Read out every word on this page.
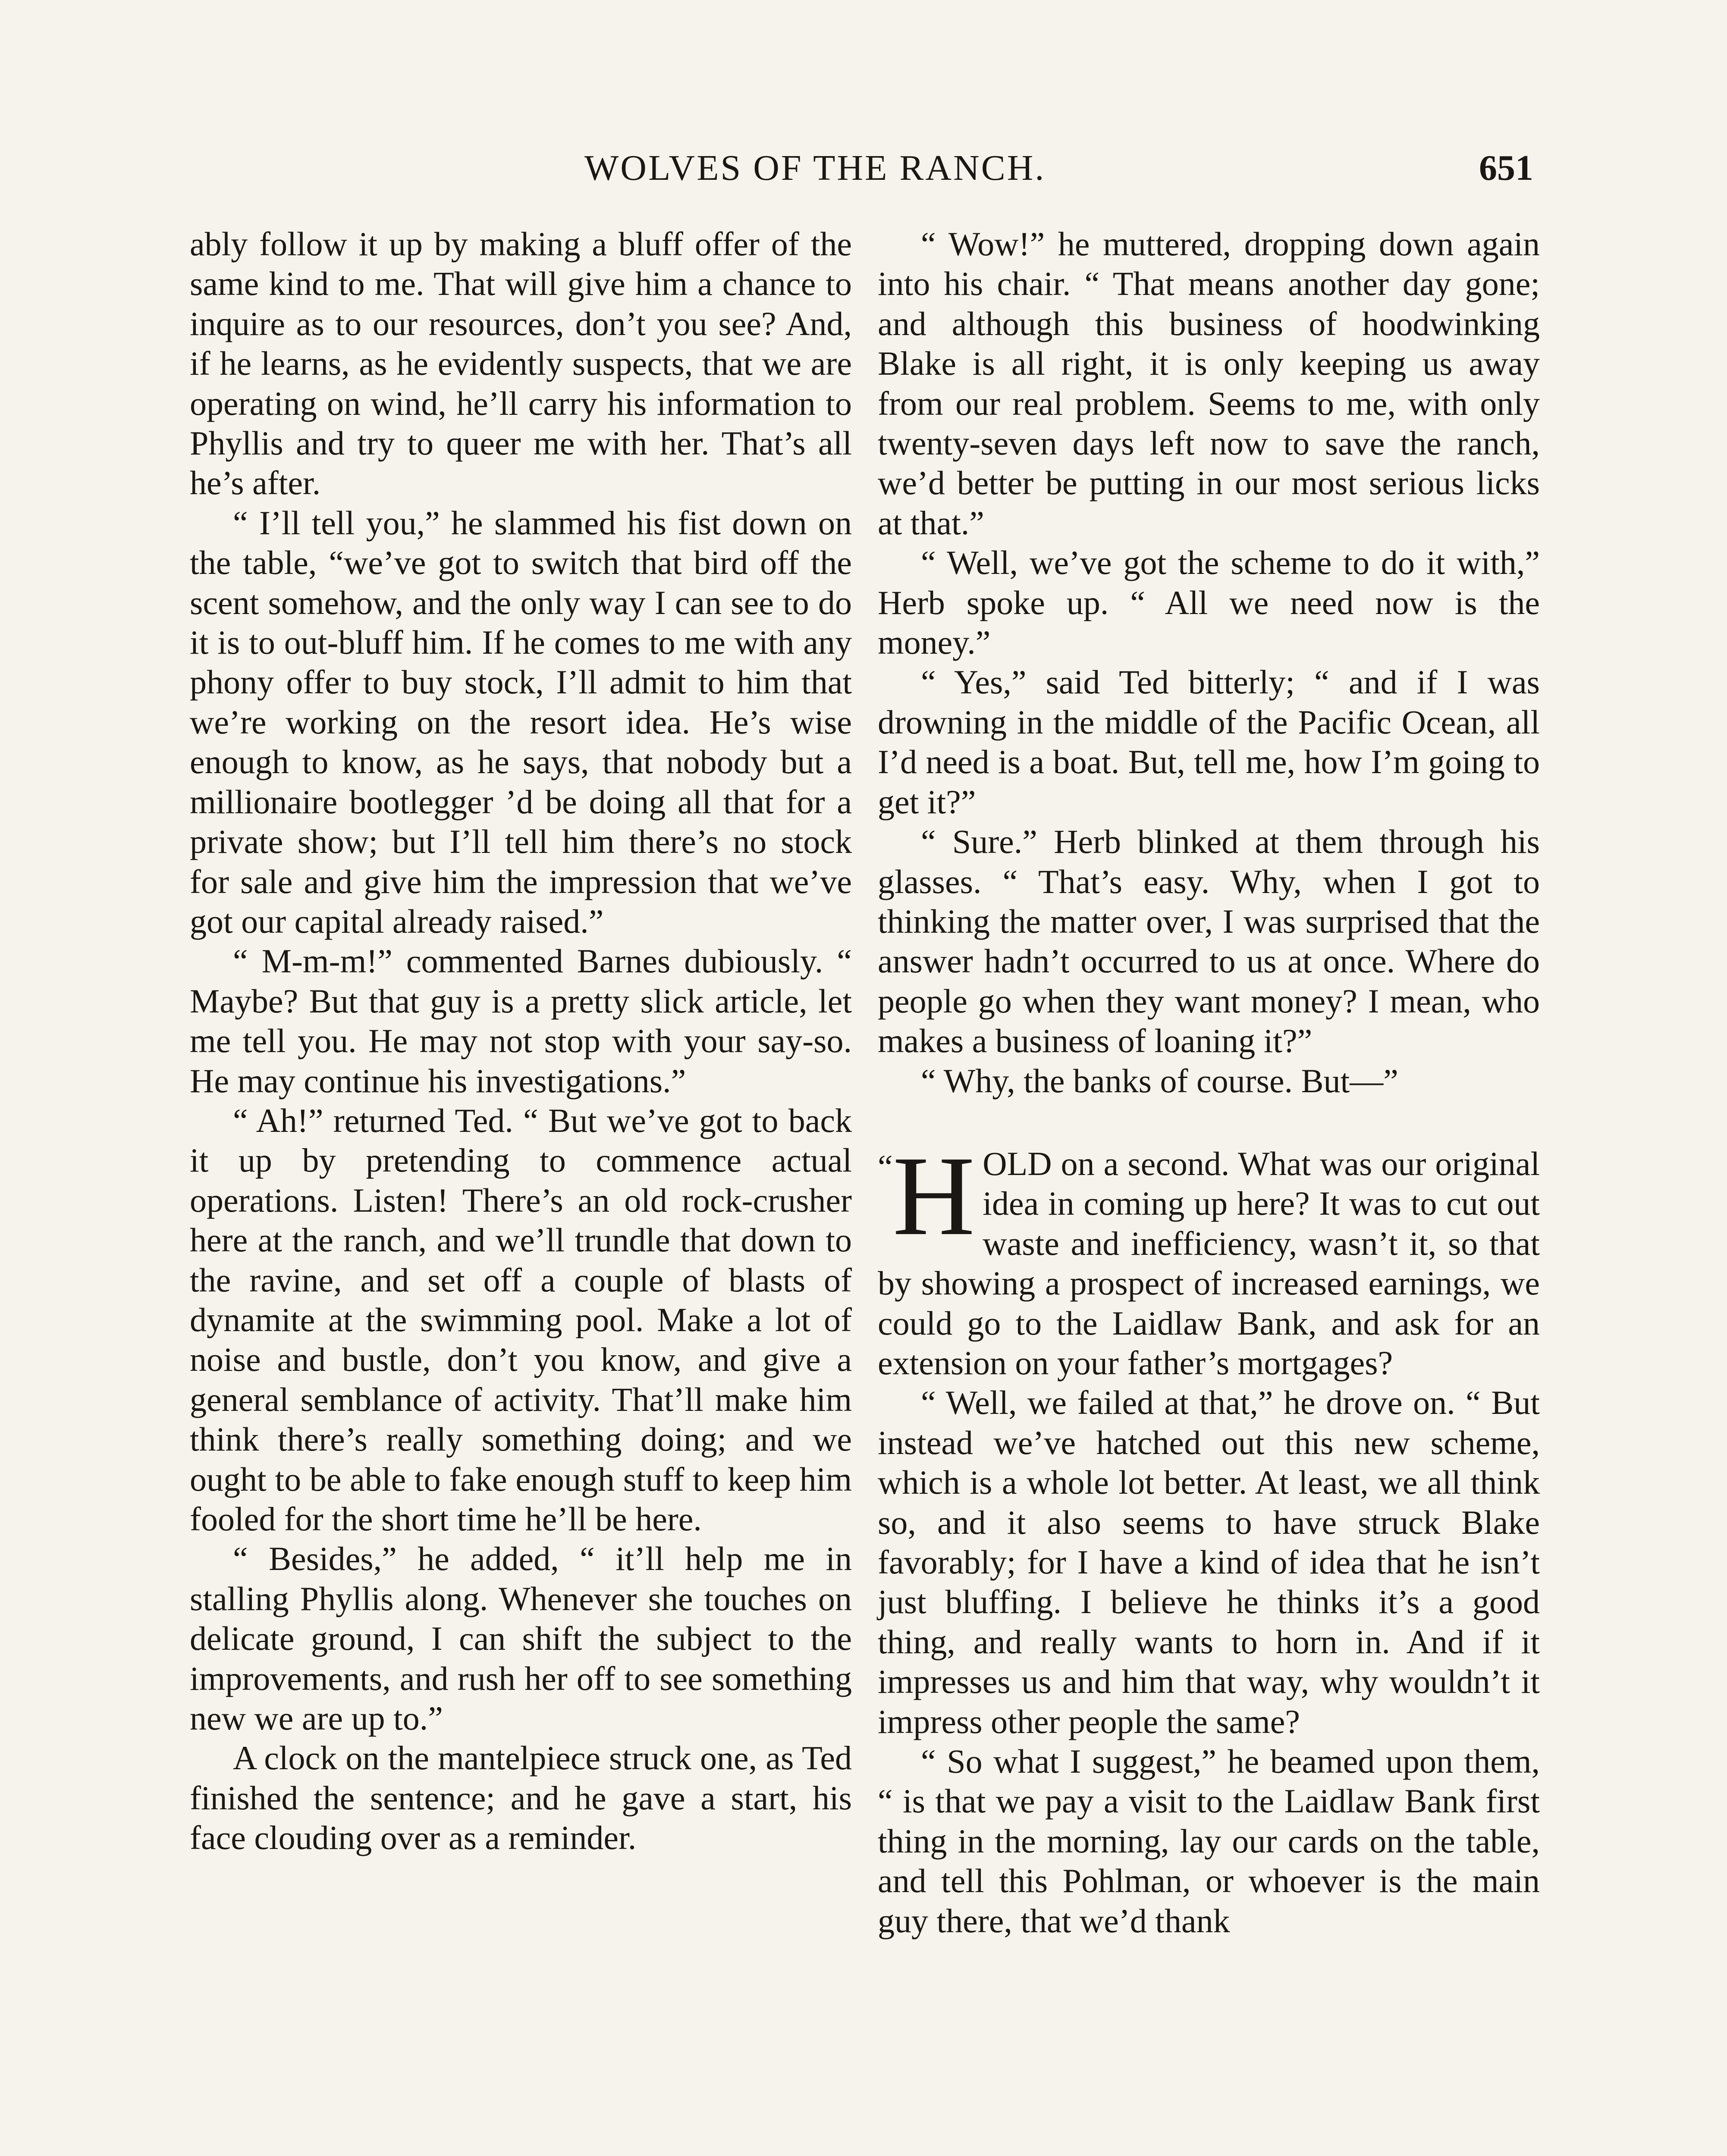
WOLVES OF THE RANCH.	651

ably follow it up by making a bluff offer of the same kind to me. That will give him a chance to inquire as to our resources, don’t you see? And, if he learns, as he evidently suspects, that we are operating on wind, he’ll carry his information to Phyllis and try to queer me with her. That’s all he’s after.

“ I’ll tell you,” he slammed his fist down on the table, “we’ve got to switch that bird off the scent somehow, and the only way I can see to do it is to out-bluff him. If he comes to me with any phony offer to buy stock, I’ll admit to him that we’re working on the resort idea. He’s wise enough to know, as he says, that nobody but a millionaire bootlegger ’d be doing all that for a private show; but I’ll tell him there’s no stock for sale and give him the impression that we’ve got our capital already raised.”

“ M-m-m!” commented Barnes dubiously. “ Maybe? But that guy is a pretty slick article, let me tell you. He may not stop with your say-so. He may continue his investigations.”

“ Ah!” returned Ted. “ But we’ve got to back it up by pretending to commence actual operations. Listen! There’s an old rock-crusher here at the ranch, and we’ll trundle that down to the ravine, and set off a couple of blasts of dynamite at the swimming pool. Make a lot of noise and bustle, don’t you know, and give a general semblance of activity. That’ll make him think there’s really something doing; and we ought to be able to fake enough stuff to keep him fooled for the short time he’ll be here.

“ Besides,” he added, “ it’ll help me in stalling Phyllis along. Whenever she touches on delicate ground, I can shift the subject to the improvements, and rush her off to see something new we are up to.”

A clock on the mantelpiece struck one, as Ted finished the sentence; and he gave a start, his face clouding over as a reminder.

“ Wow!” he muttered, dropping down again into his chair. “ That means another day gone; and although this business of hoodwinking Blake is all right, it is only keeping us away from our real problem. Seems to me, with only twenty-seven days left now to save the ranch, we’d better be putting in our most serious licks at that.”

“ Well, we’ve got the scheme to do it with,” Herb spoke up. “ All we need now is the money.”

“ Yes,” said Ted bitterly; “ and if I was drowning in the middle of the Pacific Ocean, all I’d need is a boat. But, tell me, how I’m going to get it?”

“ Sure.” Herb blinked at them through his glasses. “ That’s easy. Why, when I got to thinking the matter over, I was surprised that the answer hadn’t occurred to us at once. Where do people go when they want money? I mean, who makes a business of loaning it?”

“ Why, the banks of course. But—”

“ H OLD on a second. What was our original idea in coming up here? It was to cut out waste and inefficiency, wasn’t it, so that by showing a prospect of increased earnings, we could go to the Laidlaw Bank, and ask for an extension on your father’s mortgages?

“ Well, we failed at that,” he drove on. “ But instead we’ve hatched out this new scheme, which is a whole lot better. At least, we all think so, and it also seems to have struck Blake favorably; for I have a kind of idea that he isn’t just bluffing. I believe he thinks it’s a good thing, and really wants to horn in. And if it impresses us and him that way, why wouldn’t it impress other people the same?

“ So what I suggest,” he beamed upon them, “ is that we pay a visit to the Laidlaw Bank first thing in the morning, lay our cards on the table, and tell this Pohlman, or whoever is the main guy there, that we’d thank
